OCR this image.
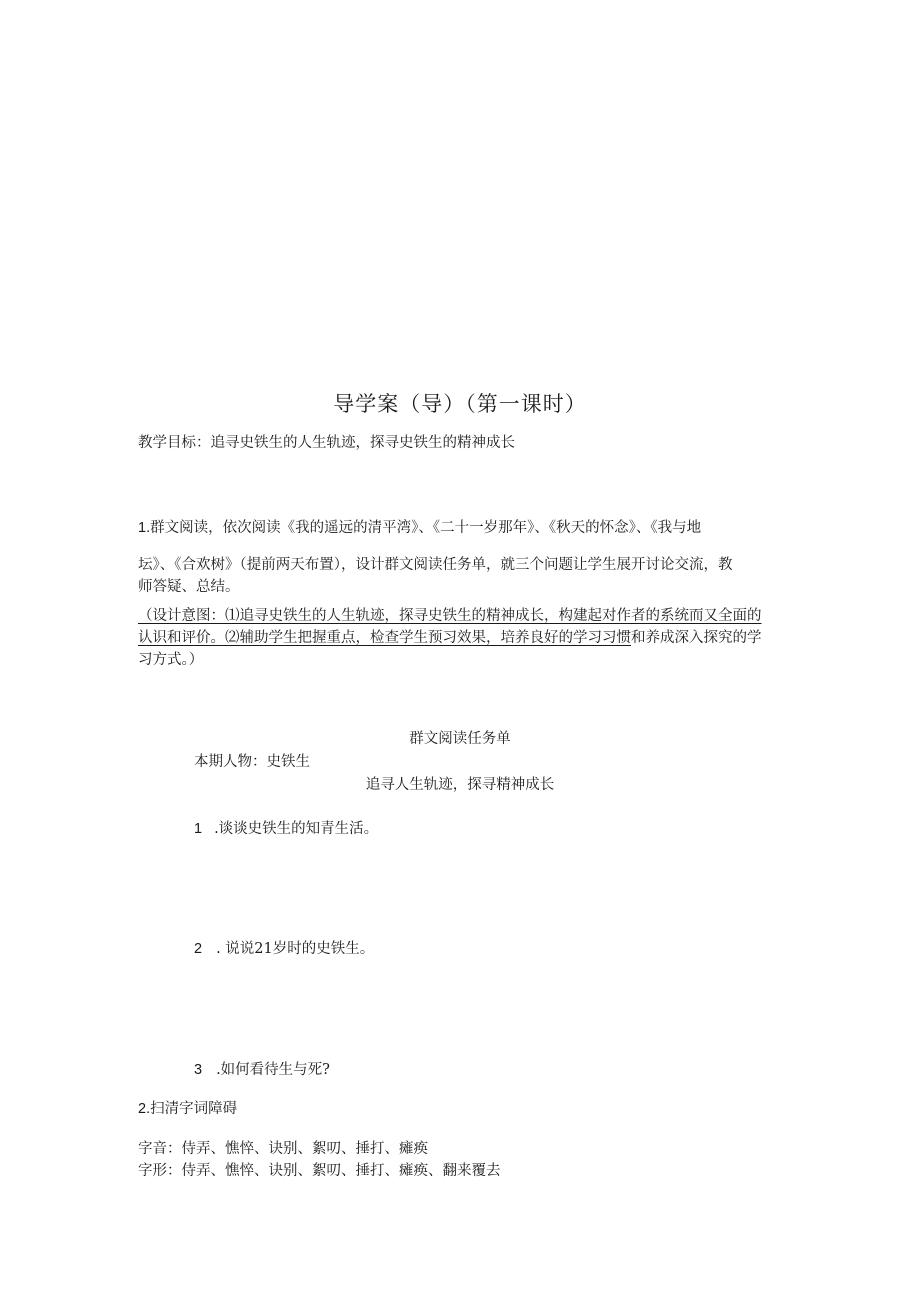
导学案（导）（第一课时）
教学目标：追寻史铁生的人生轨迹，探寻史铁生的精神成长
1.群文阅读，依次阅读《我的遥远的清平湾》、《二十一岁那年》、《秋天的怀念》、《我与地
坛》、《合欢树》（提前两天布置），设计群文阅读任务单，就三个问题让学生展开讨论交流，教
师答疑、总结。
（设计意图：⑴追寻史铁生的人生轨迹，探寻史铁生的精神成长，构建起对作者的系统而又全面的
认识和评价。⑵辅助学生把握重点，检查学生预习效果，培养良好的学习习惯和养成深入探究的学
习方式。）
群文阅读任务单
本期人物：史铁生
追寻人生轨迹，探寻精神成长
1 .谈谈史铁生的知青生活。
2 . 说说21岁时的史铁生。
3 .如何看待生与死?
2.扫清字词障碍
字音：侍弄、憔悴、诀别、絮叨、捶打、瘫痪
字形：侍弄、憔悴、诀别、絮叨、捶打、瘫痪、翻来覆去
